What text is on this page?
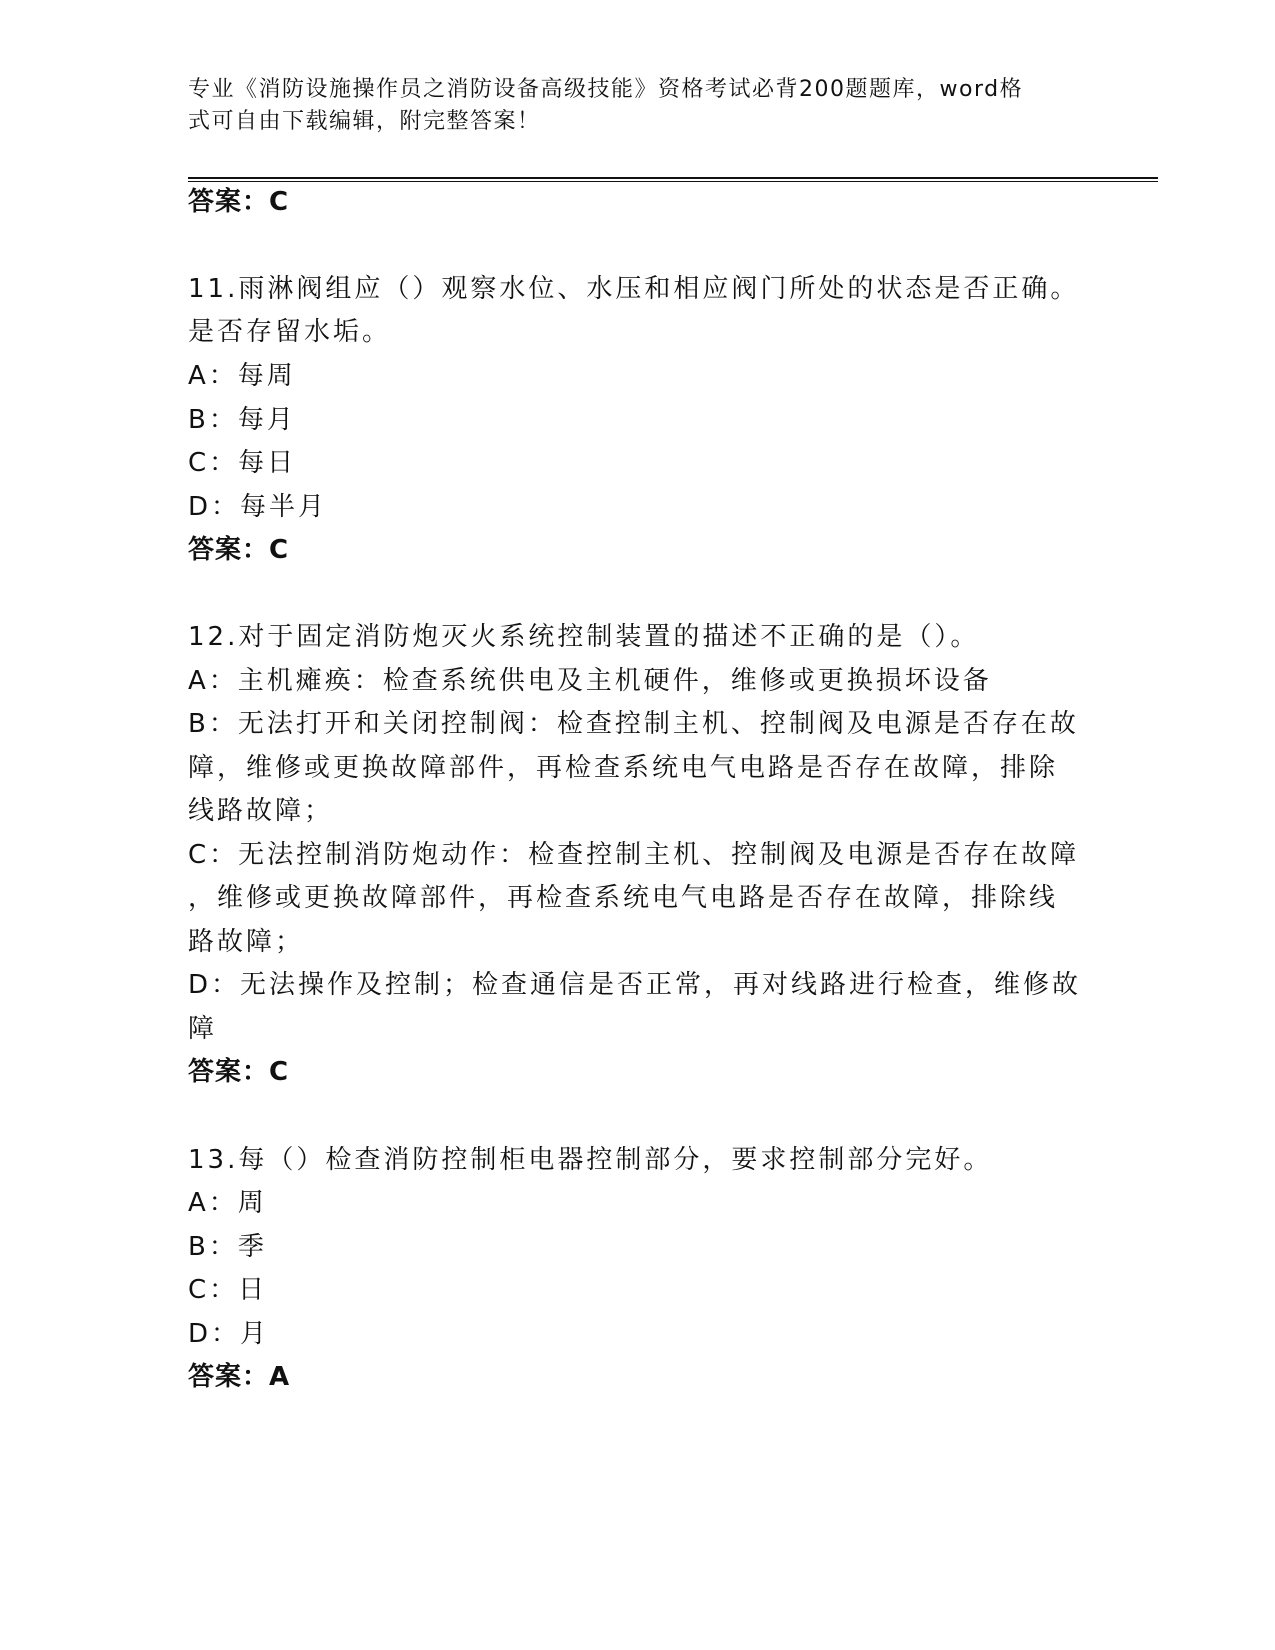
专业《消防设施操作员之消防设备高级技能》资格考试必背200题题库，word格
式可自由下载编辑，附完整答案！
答案：C
11.雨淋阀组应（）观察水位、水压和相应阀门所处的状态是否正确。
是否存留水垢。
A：每周
B：每月
C：每日
D：每半月
答案：C
12.对于固定消防炮灭火系统控制装置的描述不正确的是（）。
A：主机瘫痪：检查系统供电及主机硬件，维修或更换损坏设备
B：无法打开和关闭控制阀：检查控制主机、控制阀及电源是否存在故
障，维修或更换故障部件，再检查系统电气电路是否存在故障，排除
线路故障；
C：无法控制消防炮动作：检查控制主机、控制阀及电源是否存在故障
，维修或更换故障部件，再检查系统电气电路是否存在故障，排除线
路故障；
D：无法操作及控制；检查通信是否正常，再对线路进行检查，维修故
障
答案：C
13.每（）检查消防控制柜电器控制部分，要求控制部分完好。
A：周
B：季
C：日
D：月
答案：A
